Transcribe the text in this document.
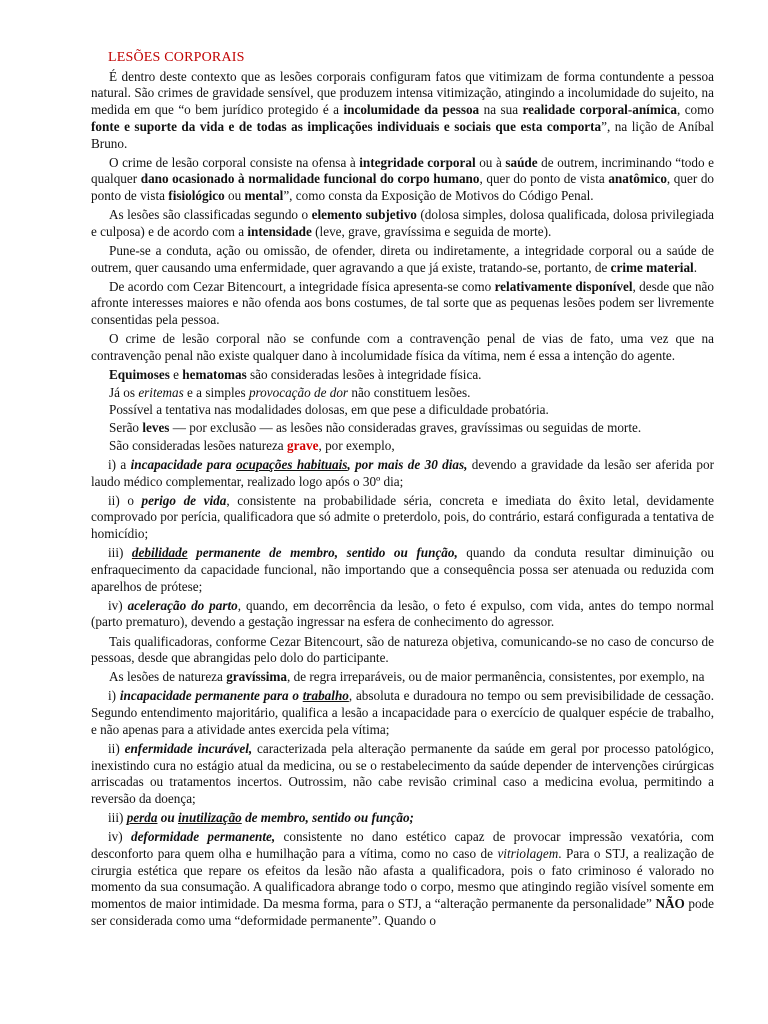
LESÕES CORPORAIS

É dentro deste contexto que as lesões corporais configuram fatos que vitimizam de forma contundente a pessoa natural. São crimes de gravidade sensível, que produzem intensa vitimização, atingindo a incolumidade do sujeito, na medida em que “o bem jurídico protegido é a incolumidade da pessoa na sua realidade corporal-anímica, como fonte e suporte da vida e de todas as implicações individuais e sociais que esta comporta”, na lição de Aníbal Bruno.

O crime de lesão corporal consiste na ofensa à integridade corporal ou à saúde de outrem, incriminando “todo e qualquer dano ocasionado à normalidade funcional do corpo humano, quer do ponto de vista anatômico, quer do ponto de vista fisiológico ou mental”, como consta da Exposição de Motivos do Código Penal.

As lesões são classificadas segundo o elemento subjetivo (dolosa simples, dolosa qualificada, dolosa privilegiada e culposa) e de acordo com a intensidade (leve, grave, gravíssima e seguida de morte).

Pune-se a conduta, ação ou omissão, de ofender, direta ou indiretamente, a integridade corporal ou a saúde de outrem, quer causando uma enfermidade, quer agravando a que já existe, tratando-se, portanto, de crime material.

De acordo com Cezar Bitencourt, a integridade física apresenta-se como relativamente disponível, desde que não afronte interesses maiores e não ofenda aos bons costumes, de tal sorte que as pequenas lesões podem ser livremente consentidas pela pessoa.

O crime de lesão corporal não se confunde com a contravenção penal de vias de fato, uma vez que na contravenção penal não existe qualquer dano à incolumidade física da vítima, nem é essa a intenção do agente.

Equimoses e hematomas são consideradas lesões à integridade física.

Já os eritemas e a simples provocação de dor não constituem lesões.

Possível a tentativa nas modalidades dolosas, em que pese a dificuldade probatória.

Serão leves — por exclusão — as lesões não consideradas graves, gravíssimas ou seguidas de morte.

São consideradas lesões natureza grave, por exemplo,

i) a incapacidade para ocupações habituais, por mais de 30 dias, devendo a gravidade da lesão ser aferida por laudo médico complementar, realizado logo após o 30º dia;

ii) o perigo de vida, consistente na probabilidade séria, concreta e imediata do êxito letal, devidamente comprovado por perícia, qualificadora que só admite o preterdolo, pois, do contrário, estará configurada a tentativa de homicídio;

iii) debilidade permanente de membro, sentido ou função, quando da conduta resultar diminuição ou enfraquecimento da capacidade funcional, não importando que a consequência possa ser atenuada ou reduzida com aparelhos de prótese;

iv) aceleração do parto, quando, em decorrência da lesão, o feto é expulso, com vida, antes do tempo normal (parto prematuro), devendo a gestação ingressar na esfera de conhecimento do agressor.

Tais qualificadoras, conforme Cezar Bitencourt, são de natureza objetiva, comunicando-se no caso de concurso de pessoas, desde que abrangidas pelo dolo do participante.

As lesões de natureza gravíssima, de regra irreparáveis, ou de maior permanência, consistentes, por exemplo, na

i) incapacidade permanente para o trabalho, absoluta e duradoura no tempo ou sem previsibilidade de cessação. Segundo entendimento majoritário, qualifica a lesão a incapacidade para o exercício de qualquer espécie de trabalho, e não apenas para a atividade antes exercida pela vítima;

ii) enfermidade incurável, caracterizada pela alteração permanente da saúde em geral por processo patológico, inexistindo cura no estágio atual da medicina, ou se o restabelecimento da saúde depender de intervenções cirúrgicas arriscadas ou tratamentos incertos. Outrossim, não cabe revisão criminal caso a medicina evolua, permitindo a reversão da doença;

iii) perda ou inutilização de membro, sentido ou função;

iv) deformidade permanente, consistente no dano estético capaz de provocar impressão vexatória, com desconforto para quem olha e humilhação para a vítima, como no caso de vitriolagem. Para o STJ, a realização de cirurgia estética que repare os efeitos da lesão não afasta a qualificadora, pois o fato criminoso é valorado no momento da sua consumação. A qualificadora abrange todo o corpo, mesmo que atingindo região visível somente em momentos de maior intimidade. Da mesma forma, para o STJ, a “alteração permanente da personalidade” NÃO pode ser considerada como uma “deformidade permanente”. Quando o
